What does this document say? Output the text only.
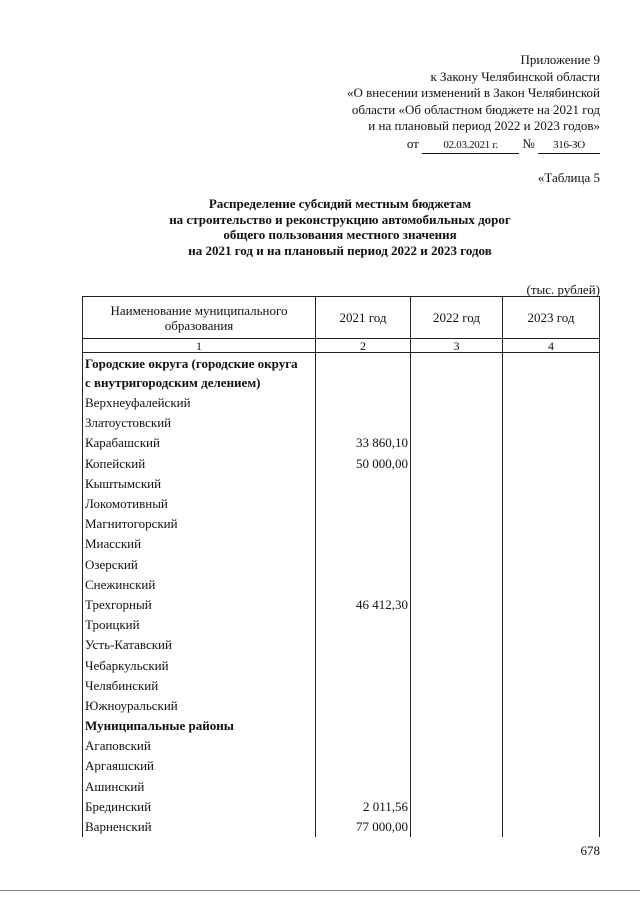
Приложение 9
к Закону Челябинской области
«О внесении изменений в Закон Челябинской
области «Об областном бюджете на 2021 год
и на плановый период 2022 и 2023 годов»
от 02.03.2021 г. № 316-ЗО
«Таблица 5
Распределение субсидий местным бюджетам
на строительство и реконструкцию автомобильных дорог
общего пользования местного значения
на 2021 год и на плановый период 2022 и 2023 годов
(тыс. рублей)
Наименование муниципального образования	2021 год	2022 год	2023 год
1	2	3	4
Городские округа (городские округа
с внутригородским делением)			
Верхнеуфалейский			
Златоустовский			
Карабашский	33 860,10		
Копейский	50 000,00		
Кыштымский			
Локомотивный			
Магнитогорский			
Миасский			
Озерский			
Снежинский			
Трехгорный	46 412,30		
Троицкий			
Усть-Катавский			
Чебаркульский			
Челябинский			
Южноуральский			
Муниципальные районы			
Агаповский			
Аргаяшский			
Ашинский			
Брединский	2 011,56		
Варненский	77 000,00		
678
